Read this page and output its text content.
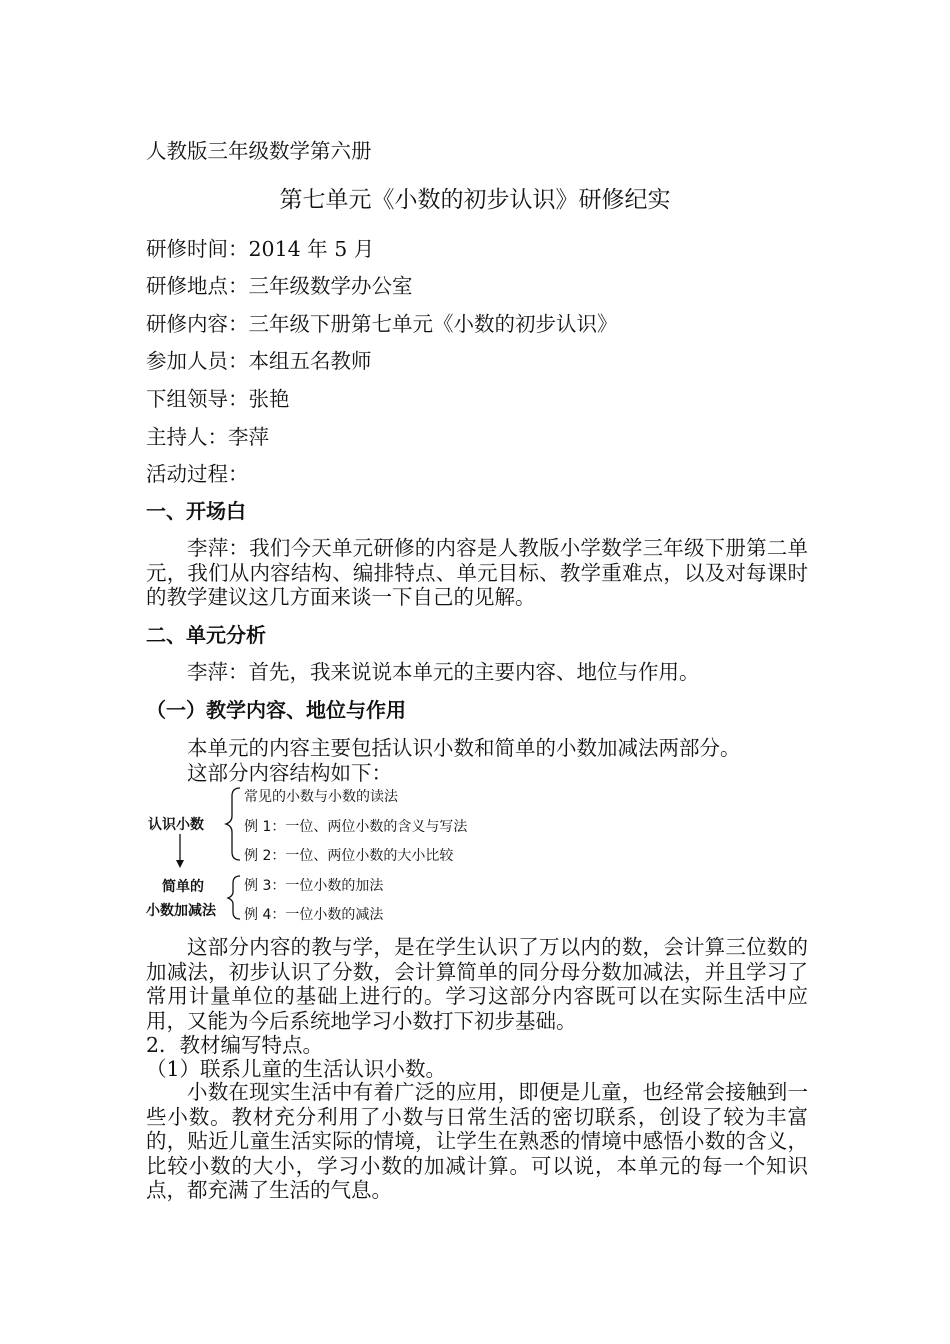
人教版三年级数学第六册
第七单元《小数的初步认识》研修纪实
研修时间：2014 年 5 月
研修地点：三年级数学办公室
研修内容：三年级下册第七单元《小数的初步认识》
参加人员：本组五名教师
下组领导：张艳
主持人：李萍
活动过程：
一、开场白

李萍：我们今天单元研修的内容是人教版小学数学三年级下册第二单元，我们从内容结构、编排特点、单元目标、教学重难点，以及对每课时的教学建议这几方面来谈一下自己的见解。

二、单元分析
李萍：首先，我来说说本单元的主要内容、地位与作用。
（一）教学内容、地位与作用
本单元的内容主要包括认识小数和简单的小数加减法两部分。
这部分内容结构如下：
认识小数
常见的小数与小数的读法
例 1：一位、两位小数的含义与写法
例 2：一位、两位小数的大小比较
简单的
小数加减法
例 3：一位小数的加法
例 4：一位小数的减法

这部分内容的教与学，是在学生认识了万以内的数，会计算三位数的加减法，初步认识了分数，会计算简单的同分母分数加减法，并且学习了常用计量单位的基础上进行的。学习这部分内容既可以在实际生活中应用，又能为今后系统地学习小数打下初步基础。

2．教材编写特点。
（1）联系儿童的生活认识小数。

小数在现实生活中有着广泛的应用，即便是儿童，也经常会接触到一些小数。教材充分利用了小数与日常生活的密切联系，创设了较为丰富的，贴近儿童生活实际的情境，让学生在熟悉的情境中感悟小数的含义，比较小数的大小，学习小数的加减计算。可以说，本单元的每一个知识点，都充满了生活的气息。
